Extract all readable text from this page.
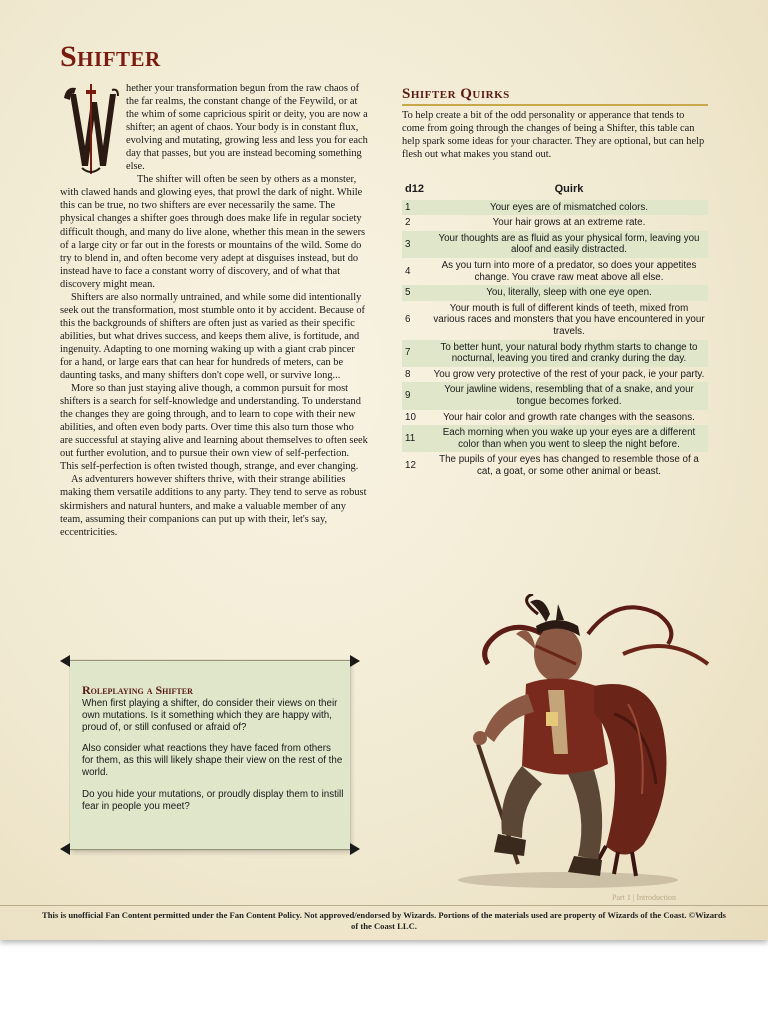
Shifter

hether your transformation begun from the raw chaos of the far realms, the constant change of the Feywild, or at the whim of some capricious spirit or deity, you are now a shifter; an agent of chaos. Your body is in constant flux, evolving and mutating, growing less and less you for each day that passes, but you are instead becoming something else.

The shifter will often be seen by others as a monster, with clawed hands and glowing eyes, that prowl the dark of night. While this can be true, no two shifters are ever necessarily the same. The physical changes a shifter goes through does make life in regular society difficult though, and many do live alone, whether this mean in the sewers of a large city or far out in the forests or mountains of the wild. Some do try to blend in, and often become very adept at disguises instead, but do instead have to face a constant worry of discovery, and of what that discovery might mean.

Shifters are also normally untrained, and while some did intentionally seek out the transformation, most stumble onto it by accident. Because of this the backgrounds of shifters are often just as varied as their specific abilities, but what drives success, and keeps them alive, is fortitude, and ingenuity. Adapting to one morning waking up with a giant crab pincer for a hand, or large ears that can hear for hundreds of meters, can be daunting tasks, and many shifters don't cope well, or survive long...

More so than just staying alive though, a common pursuit for most shifters is a search for self-knowledge and understanding. To understand the changes they are going through, and to learn to cope with their new abilities, and often even body parts. Over time this also turn those who are successful at staying alive and learning about themselves to often seek out further evolution, and to pursue their own view of self-perfection. This self-perfection is often twisted though, strange, and ever changing.

As adventurers however shifters thrive, with their strange abilities making them versatile additions to any party. They tend to serve as robust skirmishers and natural hunters, and make a valuable member of any team, assuming their companions can put up with their, let's say, eccentricities.

Shifter Quirks

To help create a bit of the odd personality or apperance that tends to come from going through the changes of being a Shifter, this table can help spark some ideas for your character. They are optional, but can help flesh out what makes you stand out.

d12	Quirk
1	Your eyes are of mismatched colors.
2	Your hair grows at an extreme rate.
3	Your thoughts are as fluid as your physical form, leaving you aloof and easily distracted.
4	As you turn into more of a predator, so does your appetites change. You crave raw meat above all else.
5	You, literally, sleep with one eye open.
6	Your mouth is full of different kinds of teeth, mixed from various races and monsters that you have encountered in your travels.
7	To better hunt, your natural body rhythm starts to change to nocturnal, leaving you tired and cranky during the day.
8	You grow very protective of the rest of your pack, ie your party.
9	Your jawline widens, resembling that of a snake, and your tongue becomes forked.
10	Your hair color and growth rate changes with the seasons.
11	Each morning when you wake up your eyes are a different color than when you went to sleep the night before.
12	The pupils of your eyes has changed to resemble those of a cat, a goat, or some other animal or beast.
Roleplaying a Shifter

When first playing a shifter, do consider their views on their own mutations. Is it something which they are happy with, proud of, or still confused or afraid of?

Also consider what reactions they have faced from others for them, as this will likely shape their view on the rest of the world.

Do you hide your mutations, or proudly display them to instill fear in people you meet?

Part 1 | Introduction

This is unofficial Fan Content permitted under the Fan Content Policy. Not approved/endorsed by Wizards. Portions of the materials used are property of Wizards of the Coast. ©Wizards of the Coast LLC.
